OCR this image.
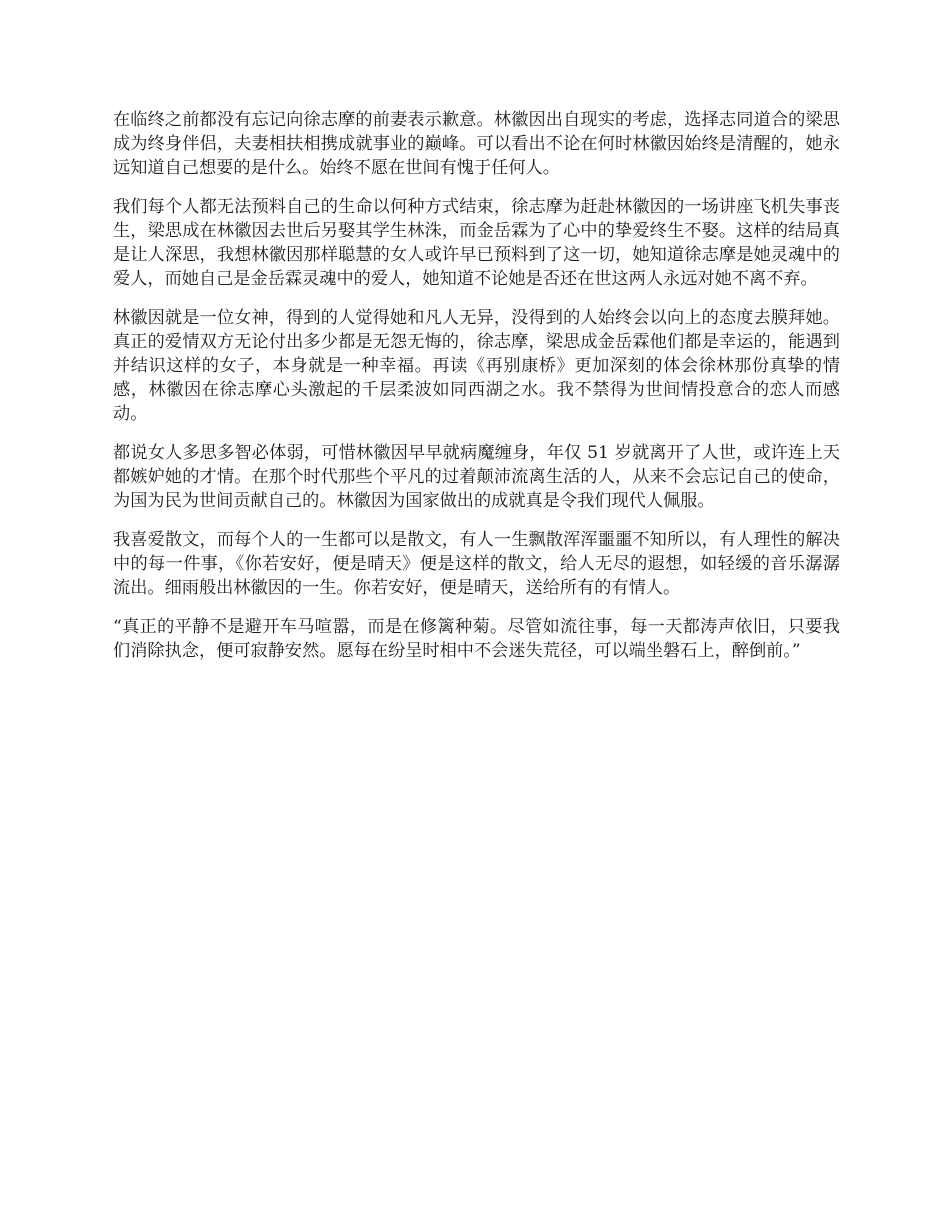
在临终之前都没有忘记向徐志摩的前妻表示歉意。林徽因出自现实的考虑，选择志同道合的梁思成为终身伴侣，夫妻相扶相携成就事业的巅峰。可以看出不论在何时林徽因始终是清醒的，她永远知道自己想要的是什么。始终不愿在世间有愧于任何人。

我们每个人都无法预料自己的生命以何种方式结束，徐志摩为赶赴林徽因的一场讲座飞机失事丧生，梁思成在林徽因去世后另娶其学生林洙，而金岳霖为了心中的挚爱终生不娶。这样的结局真是让人深思，我想林徽因那样聪慧的女人或许早已预料到了这一切，她知道徐志摩是她灵魂中的爱人，而她自己是金岳霖灵魂中的爱人，她知道不论她是否还在世这两人永远对她不离不弃。

林徽因就是一位女神，得到的人觉得她和凡人无异，没得到的人始终会以向上的态度去膜拜她。真正的爱情双方无论付出多少都是无怨无悔的，徐志摩，梁思成金岳霖他们都是幸运的，能遇到并结识这样的女子，本身就是一种幸福。再读《再别康桥》更加深刻的体会徐林那份真挚的情感，林徽因在徐志摩心头激起的千层柔波如同西湖之水。我不禁得为世间情投意合的恋人而感动。

都说女人多思多智必体弱，可惜林徽因早早就病魔缠身，年仅 51 岁就离开了人世，或许连上天都嫉妒她的才情。在那个时代那些个平凡的过着颠沛流离生活的人，从来不会忘记自己的使命，为国为民为世间贡献自己的。林徽因为国家做出的成就真是令我们现代人佩服。

我喜爱散文，而每个人的一生都可以是散文，有人一生飘散浑浑噩噩不知所以，有人理性的解决中的每一件事，《你若安好，便是晴天》便是这样的散文，给人无尽的遐想，如轻缓的音乐潺潺流出。细雨般出林徽因的一生。你若安好，便是晴天，送给所有的有情人。

“真正的平静不是避开车马喧嚣，而是在修篱种菊。尽管如流往事，每一天都涛声依旧，只要我们消除执念，便可寂静安然。愿每在纷呈时相中不会迷失荒径，可以端坐磐石上，醉倒前。”
